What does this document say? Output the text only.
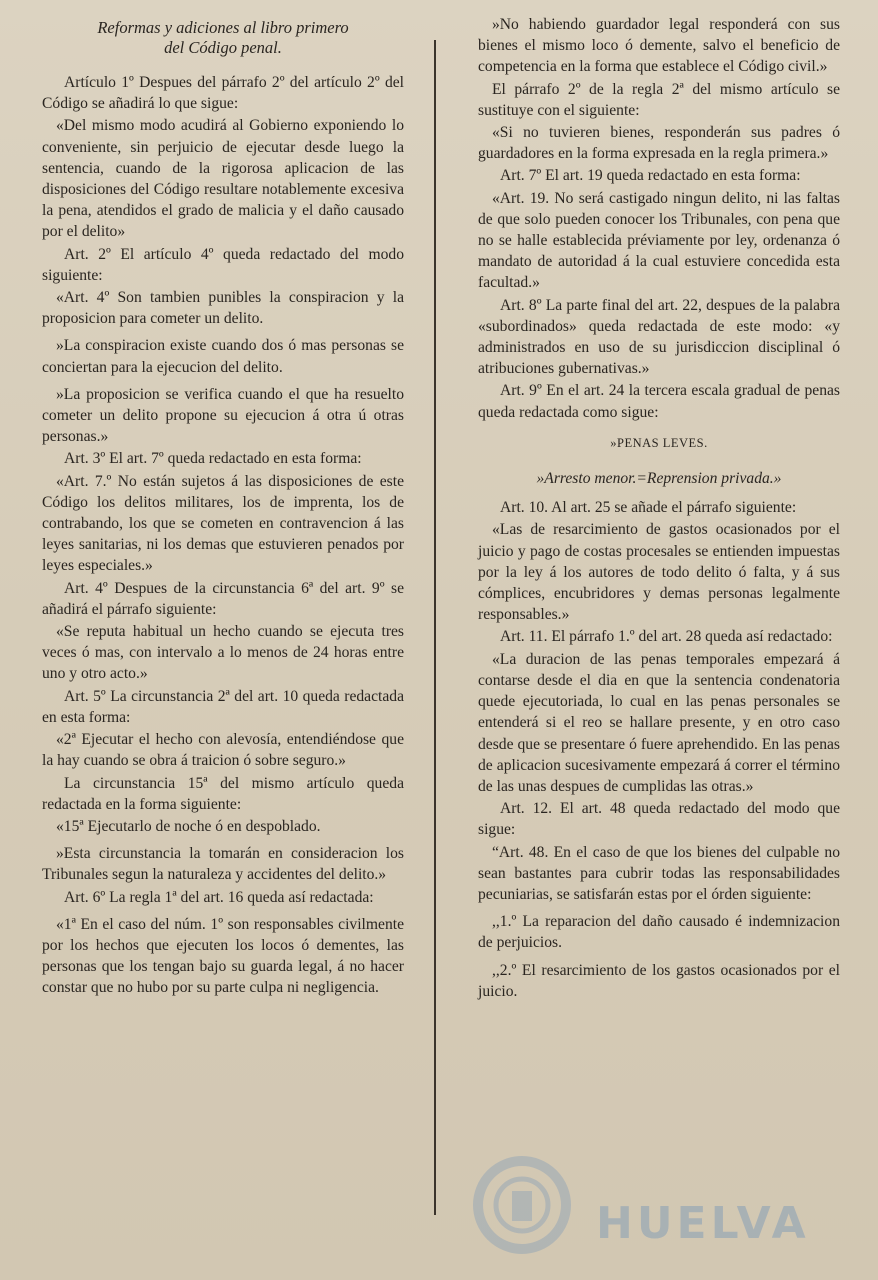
Reformas y adiciones al libro primero
del Código penal.

Artículo 1º Despues del párrafo 2º del artículo 2º del Código se añadirá lo que sigue:

«Del mismo modo acudirá al Gobierno exponiendo lo conveniente, sin perjuicio de ejecutar desde luego la sentencia, cuando de la rigorosa aplicacion de las disposiciones del Código resultare notablemente excesiva la pena, atendidos el grado de malicia y el daño causado por el delito»

Art. 2º El artículo 4º queda redactado del modo siguiente:

«Art. 4º Son tambien punibles la conspiracion y la proposicion para cometer un delito.

»La conspiracion existe cuando dos ó mas personas se conciertan para la ejecucion del delito.

»La proposicion se verifica cuando el que ha resuelto cometer un delito propone su ejecucion á otra ú otras personas.»

Art. 3º El art. 7º queda redactado en esta forma:

«Art. 7.º No están sujetos á las disposiciones de este Código los delitos militares, los de imprenta, los de contrabando, los que se cometen en contravencion á las leyes sanitarias, ni los demas que estuvieren penados por leyes especiales.»

Art. 4º Despues de la circunstancia 6ª del art. 9º se añadirá el párrafo siguiente:

«Se reputa habitual un hecho cuando se ejecuta tres veces ó mas, con intervalo a lo menos de 24 horas entre uno y otro acto.»

Art. 5º La circunstancia 2ª del art. 10 queda redactada en esta forma:

«2ª Ejecutar el hecho con alevosía, entendiéndose que la hay cuando se obra á traicion ó sobre seguro.»

La circunstancia 15ª del mismo artículo queda redactada en la forma siguiente:

«15ª Ejecutarlo de noche ó en despoblado.

»Esta circunstancia la tomarán en consideracion los Tribunales segun la naturaleza y accidentes del delito.»

Art. 6º La regla 1ª del art. 16 queda así redactada:

«1ª En el caso del núm. 1º son responsables civilmente por los hechos que ejecuten los locos ó dementes, las personas que los tengan bajo su guarda legal, á no hacer constar que no hubo por su parte culpa ni negligencia.

»No habiendo guardador legal responderá con sus bienes el mismo loco ó demente, salvo el beneficio de competencia en la forma que establece el Código civil.»

El párrafo 2º de la regla 2ª del mismo artículo se sustituye con el siguiente:

«Si no tuvieren bienes, responderán sus padres ó guardadores en la forma expresada en la regla primera.»

Art. 7º El art. 19 queda redactado en esta forma:

«Art. 19. No será castigado ningun delito, ni las faltas de que solo pueden conocer los Tribunales, con pena que no se halle establecida préviamente por ley, ordenanza ó mandato de autoridad á la cual estuviere concedida esta facultad.»

Art. 8º La parte final del art. 22, despues de la palabra «subordinados» queda redactada de este modo: «y administrados en uso de su jurisdiccion disciplinal ó atribuciones gubernativas.»

Art. 9º En el art. 24 la tercera escala gradual de penas queda redactada como sigue:

»PENAS LEVES.

»Arresto menor.=Reprension privada.»

Art. 10. Al art. 25 se añade el párrafo siguiente:

«Las de resarcimiento de gastos ocasionados por el juicio y pago de costas procesales se entienden impuestas por la ley á los autores de todo delito ó falta, y á sus cómplices, encubridores y demas personas legalmente responsables.»

Art. 11. El párrafo 1.º del art. 28 queda así redactado:

«La duracion de las penas temporales empezará á contarse desde el dia en que la sentencia condenatoria quede ejecutoriada, lo cual en las penas personales se entenderá si el reo se hallare presente, y en otro caso desde que se presentare ó fuere aprehendido. En las penas de aplicacion sucesivamente empezará á correr el término de las unas despues de cumplidas las otras.»

Art. 12. El art. 48 queda redactado del modo que sigue:

“Art. 48. En el caso de que los bienes del culpable no sean bastantes para cubrir todas las responsabilidades pecuniarias, se satisfarán estas por el órden siguiente:

,,1.º La reparacion del daño causado é indemnizacion de perjuicios.

,,2.º El resarcimiento de los gastos ocasionados por el juicio.

HUELVA
